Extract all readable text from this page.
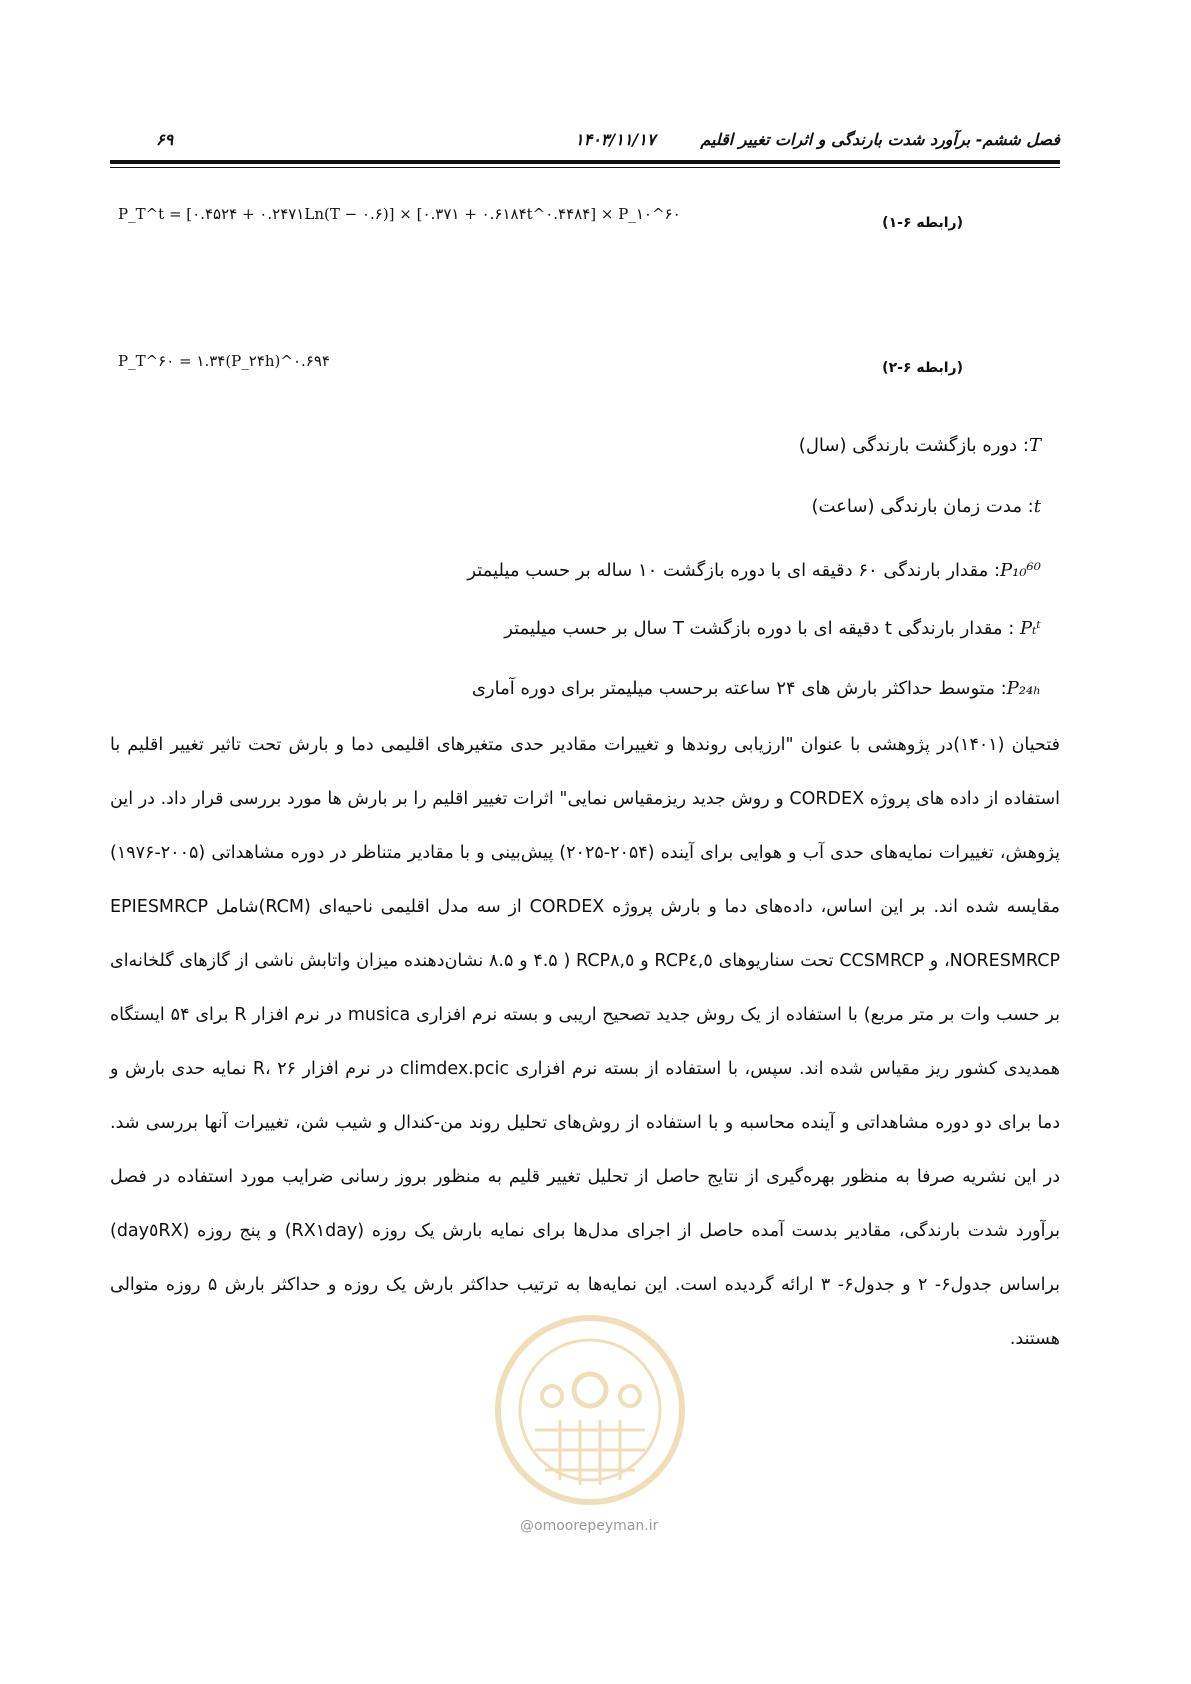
فصل ششم- برآورد شدت بارندگی و اثرات تغییر اقلیم
۱۴۰۳/۱۱/۱۷
۶۹
P_T^t = [۰.۴۵۲۴ + ۰.۲۴۷۱Ln(T − ۰.۶)] × [۰.۳۷۱ + ۰.۶۱۸۴t^۰.۴۴۸۴] × P_۱۰^۶۰	(رابطه ۶-۱)
P_T^۶۰ = ۱.۳۴(P_۲۴h)^۰.۶۹۴	(رابطه ۶-۲)
T: دوره بازگشت بارندگی (سال)
t: مدت زمان بارندگی (ساعت)
P₁₀⁶⁰: مقدار بارندگی ۶۰ دقیقه ای با دوره بازگشت ۱۰ ساله بر حسب میلیمتر
Pₜᵗ : مقدار بارندگی t دقیقه ای با دوره بازگشت T سال بر حسب میلیمتر
P₂₄ₕ: متوسط حداکثر بارش های ۲۴ ساعته برحسب میلیمتر برای دوره آماری
فتحیان (۱۴۰۱)در پژوهشی با عنوان "ارزیابی روندها و تغییرات مقادیر حدی متغیرهای اقلیمی دما و بارش تحت تاثیر تغییر اقلیم با استفاده از داده های پروژه CORDEX و روش جدید ریزمقیاس نمایی" اثرات تغییر اقلیم را بر بارش ها مورد بررسی قرار داد. در این پژوهش، تغییرات نمایه‌های حدی آب و هوایی برای آینده (۲۰۵۴-۲۰۲۵) پیش‌بینی و با مقادیر متناظر در دوره مشاهداتی (۲۰۰۵-۱۹۷۶) مقایسه شده اند. بر این اساس، داده‌های دما و بارش پروژه CORDEX از سه مدل اقلیمی ناحیه‌ای (RCM)شامل EPIESMRCP ،NORESMRCP و CCSMRCP تحت سناریوهای RCP٤,٥ و RCP٨,٥ ( ۴.۵ و ۸.۵ نشان‌دهنده میزان واتابش ناشی از گازهای گلخانه‌ای بر حسب وات بر متر مربع) با استفاده از یک روش جدید تصحیح اریبی و بسته نرم افزاری musica در نرم افزار R برای ۵۴ ایستگاه همدیدی کشور ریز مقیاس شده اند. سپس، با استفاده از بسته نرم افزاری climdex.pcic در نرم افزار R، ۲۶ نمایه حدی بارش و دما برای دو دوره مشاهداتی و آینده محاسبه و با استفاده از روش‌های تحلیل روند من-کندال و شیب شن، تغییرات آنها بررسی شد. در این نشریه صرفا به منظور بهره‌گیری از نتایج حاصل از تحلیل تغییر قلیم به منظور بروز رسانی ضرایب مورد استفاده در فصل برآورد شدت بارندگی، مقادیر بدست آمده حاصل از اجرای مدل‌ها برای نمایه بارش یک روزه (RX١day) و پنج روزه (day٥RX) براساس جدول۶- ۲ و جدول۶- ۳ ارائه گردیده است. این نمایه‌ها به ترتیب حداکثر بارش یک روزه و حداکثر بارش ۵ روزه متوالی هستند.
@omoorepeyman.ir
